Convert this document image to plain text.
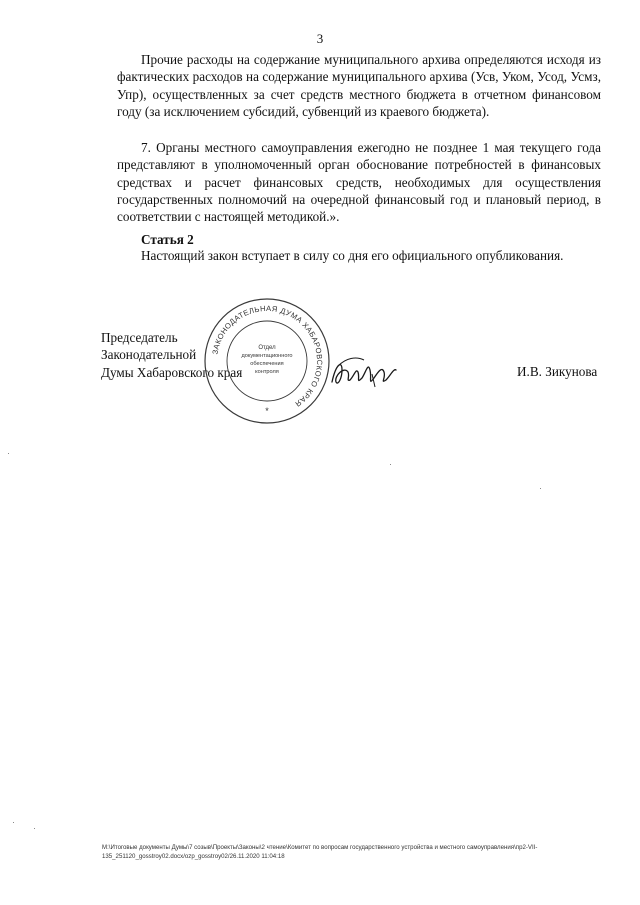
3

Прочие расходы на содержание муниципального архива определяются исходя из фактических расходов на содержание муниципального архива (Усв, Уком, Усод, Усмз, Упр), осуществленных за счет средств местного бюджета в отчетном финансовом году (за исключением субсидий, субвенций из краевого бюджета).

7. Органы местного самоуправления ежегодно не позднее 1 мая текущего года представляют в уполномоченный орган обоснование потребностей в финансовых средствах и расчет финансовых средств, необходимых для осуществления государственных полномочий на очередной финансовый год и плановый период, в соответствии с настоящей методикой.».

Статья 2
Настоящий закон вступает в силу со дня его официального опубликования.
Председатель
Законодательной
Думы Хабаровского края
ЗАКОНОДАТЕЛЬНАЯ ДУМА ХАБАРОВСКОГО КРАЯ
Отдел
документационного
обеспечения
контроля
*
И.В. Зикунова
M:\Итоговые документы Думы\7 созыв\Проекты\Законы\2 чтение\Комитет по вопросам государственного устройства и местного самоуправления\пр2-VII-
135_251120_gosstroy02.docx/ozp_gosstroy02/26.11.2020 11:04:18
